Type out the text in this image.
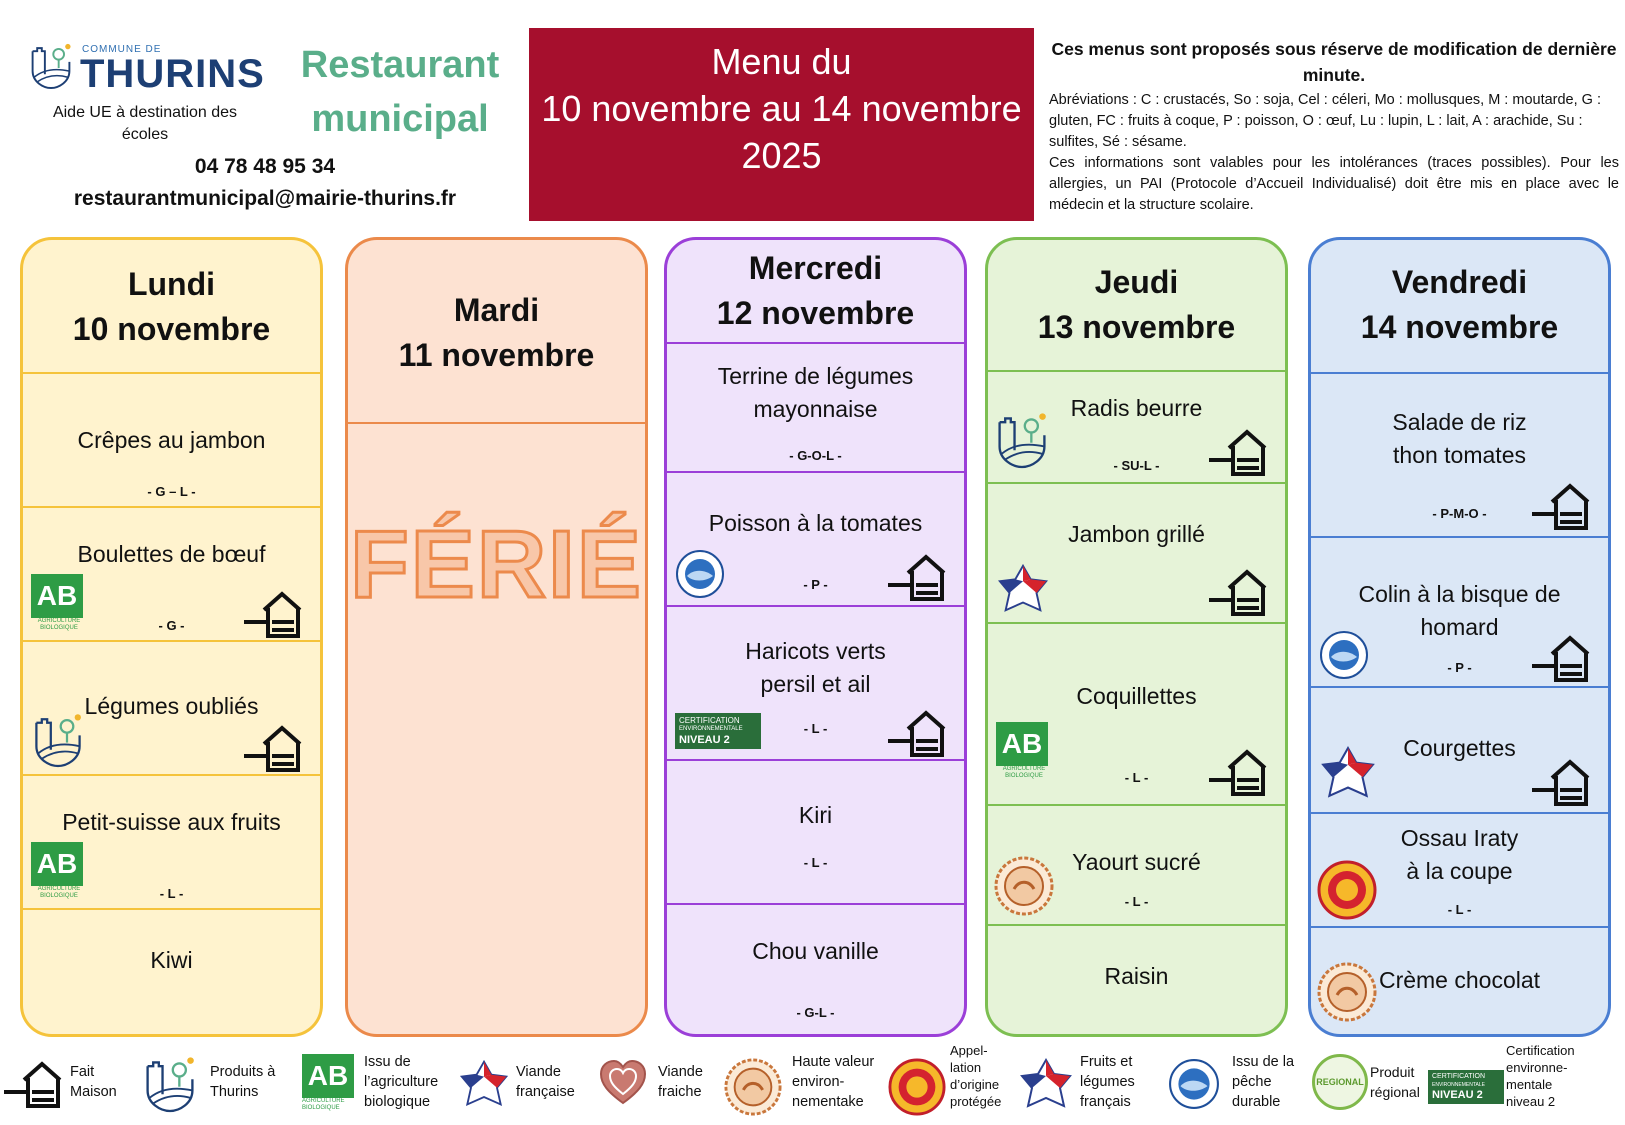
COMMUNE DE
THURINS
Aide UE à destination des écoles
Restaurant
municipal
04 78 48 95 34
restaurantmunicipal@mairie-thurins.fr
Menu du
10 novembre au 14 novembre
2025
Ces menus sont proposés sous réserve de modification de dernière minute.
Abréviations : C : crustacés, So : soja, Cel : céleri, Mo : mollusques, M : moutarde, G : gluten, FC : fruits à coque, P : poisson, O : œuf, Lu : lupin, L : lait, A : arachide, Su : sulfites, Sé : sésame.
Ces informations sont valables pour les intolérances (traces possibles). Pour les allergies, un PAI (Protocole d’Accueil Individualisé) doit être mis en place avec le médecin et la structure scolaire.
Lundi
10 novembre
Crêpes au jambon
- G – L -
Boulettes de bœuf
- G -
AB
AGRICULTURE BIOLOGIQUE
Légumes oubliés
Petit-suisse aux fruits
- L -
AB
AGRICULTURE BIOLOGIQUE
Kiwi
Mardi
11 novembre
FÉRIÉ
Mercredi
12 novembre
Terrine de légumes
mayonnaise
- G-O-L -
Poisson à la tomates
- P -
Haricots verts
persil et ail
- L -
CERTIFICATION
ENVIRONNEMENTALE
NIVEAU 2
Kiri
- L -
Chou vanille
- G-L -
Jeudi
13 novembre
Radis beurre
- SU-L -
Jambon grillé
Coquillettes
- L -
AB
AGRICULTURE BIOLOGIQUE
Yaourt sucré
- L -
Raisin
Vendredi
14 novembre
Salade de riz
thon tomates
- P-M-O -
Colin à la bisque de
homard
- P -
Courgettes
Ossau Iraty
à la coupe
- L -
Crème chocolat
Fait
Maison
Produits à
Thurins
AB
AGRICULTURE BIOLOGIQUE
Issu de
l’agriculture
biologique
Viande
française
Viande
fraiche
Haute valeur
environ-
nementake
Appel-
lation
d’origine
protégée
Fruits et
légumes
français
Issu de la
pêche
durable
REGIONAL
Produit
régional
CERTIFICATION
ENVIRONNEMENTALE
NIVEAU 2
Certification
environne-
mentale
niveau 2
